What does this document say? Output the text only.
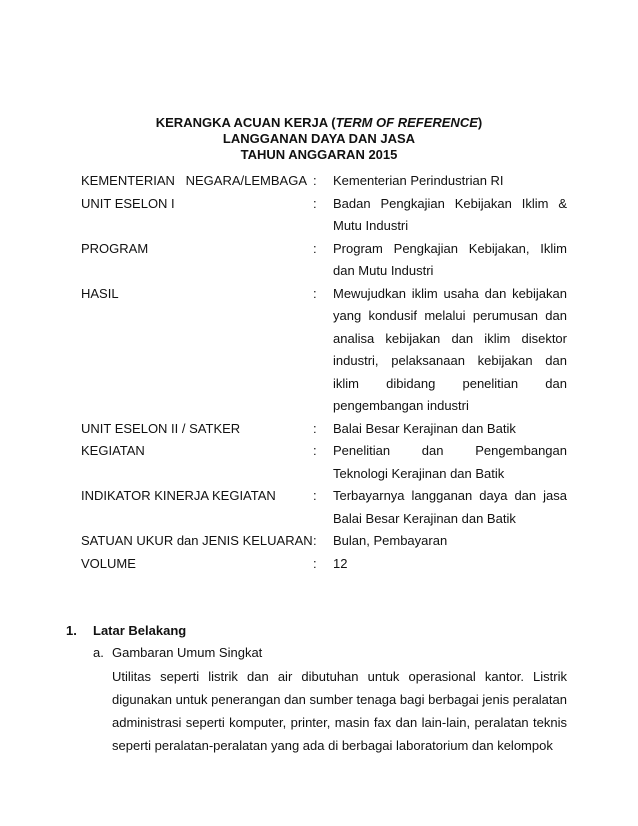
KERANGKA ACUAN KERJA (TERM OF REFERENCE)
LANGGANAN DAYA DAN JASA
TAHUN ANGGARAN 2015
KEMENTERIAN NEGARA/LEMBAGA	:	Kementerian Perindustrian RI
UNIT ESELON I	:	Badan Pengkajian Kebijakan Iklim & Mutu Industri
PROGRAM	:	Program Pengkajian Kebijakan, Iklim dan Mutu Industri
HASIL	:	Mewujudkan iklim usaha dan kebijakan yang kondusif melalui perumusan dan analisa kebijakan dan iklim disektor industri, pelaksanaan kebijakan dan iklim dibidang penelitian dan pengembangan industri
UNIT ESELON II / SATKER	:	Balai Besar Kerajinan dan Batik
KEGIATAN	:	Penelitian dan Pengembangan Teknologi Kerajinan dan Batik
INDIKATOR KINERJA KEGIATAN	:	Terbayarnya langganan daya dan jasa Balai Besar Kerajinan dan Batik
SATUAN UKUR dan JENIS KELUARAN	:	Bulan, Pembayaran
VOLUME	:	12
1.	Latar Belakang
a. Gambaran Umum Singkat
Utilitas seperti listrik dan air dibutuhan untuk operasional kantor. Listrik digunakan untuk penerangan dan sumber tenaga bagi berbagai jenis peralatan administrasi seperti komputer, printer, masin fax dan lain-lain, peralatan teknis seperti peralatan-peralatan yang ada di berbagai laboratorium dan kelompok
